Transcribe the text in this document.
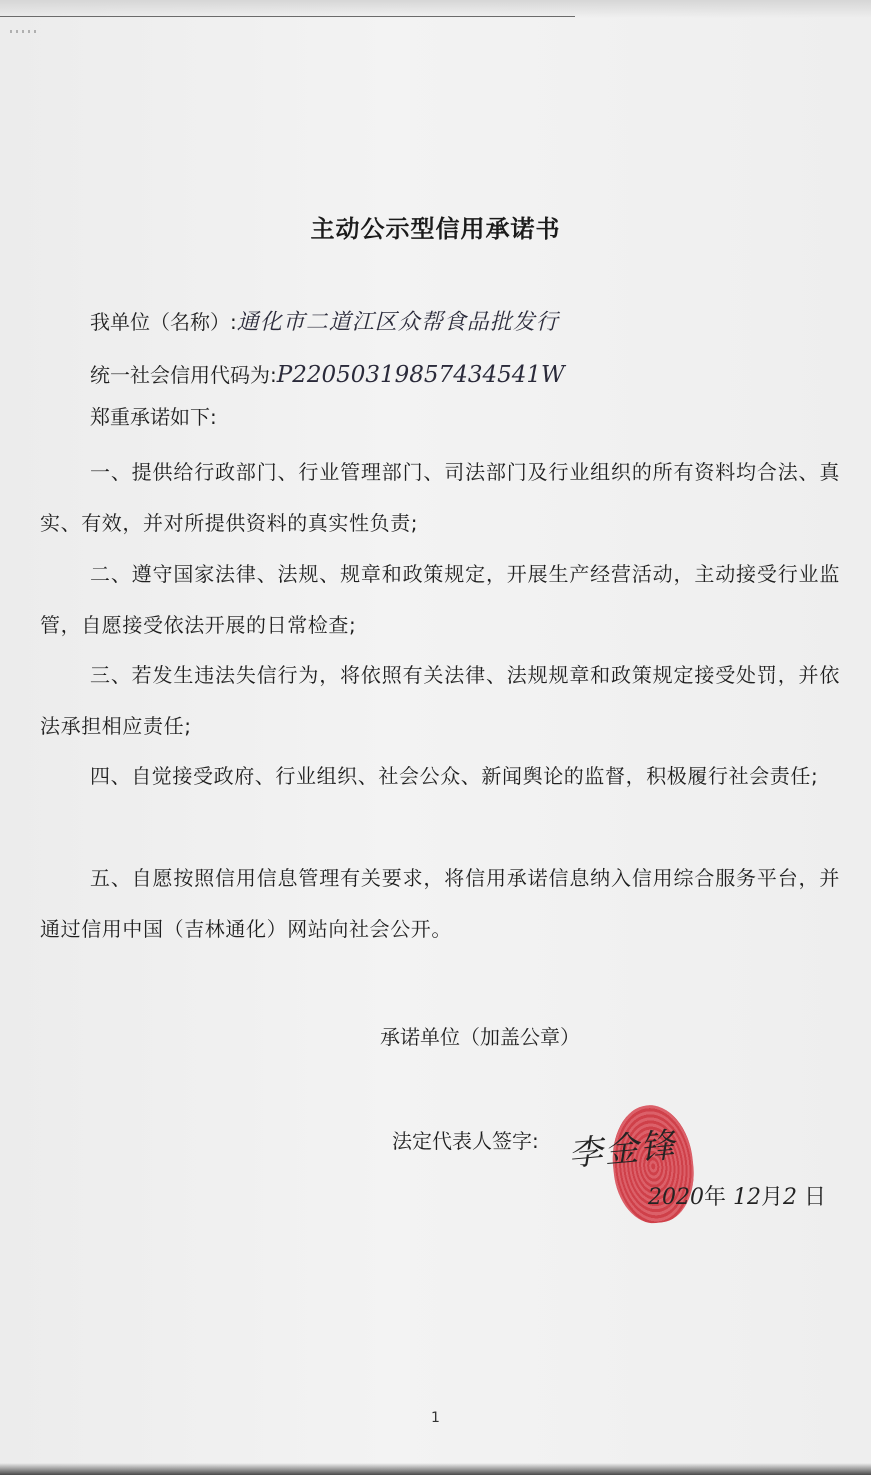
主动公示型信用承诺书
我单位（名称）:通化市二道江区众帮食品批发行
统一社会信用代码为:P22050319857434541W
郑重承诺如下:
一、提供给行政部门、行业管理部门、司法部门及行业组织的所有资料均合法、真实、有效，并对所提供资料的真实性负责;
二、遵守国家法律、法规、规章和政策规定，开展生产经营活动，主动接受行业监管，自愿接受依法开展的日常检查;
三、若发生违法失信行为，将依照有关法律、法规规章和政策规定接受处罚，并依法承担相应责任;
四、自觉接受政府、行业组织、社会公众、新闻舆论的监督，积极履行社会责任;
五、自愿按照信用信息管理有关要求，将信用承诺信息纳入信用综合服务平台，并通过信用中国（吉林通化）网站向社会公开。
承诺单位（加盖公章）
法定代表人签字: 李金锋
2020年 12月2 日
1
